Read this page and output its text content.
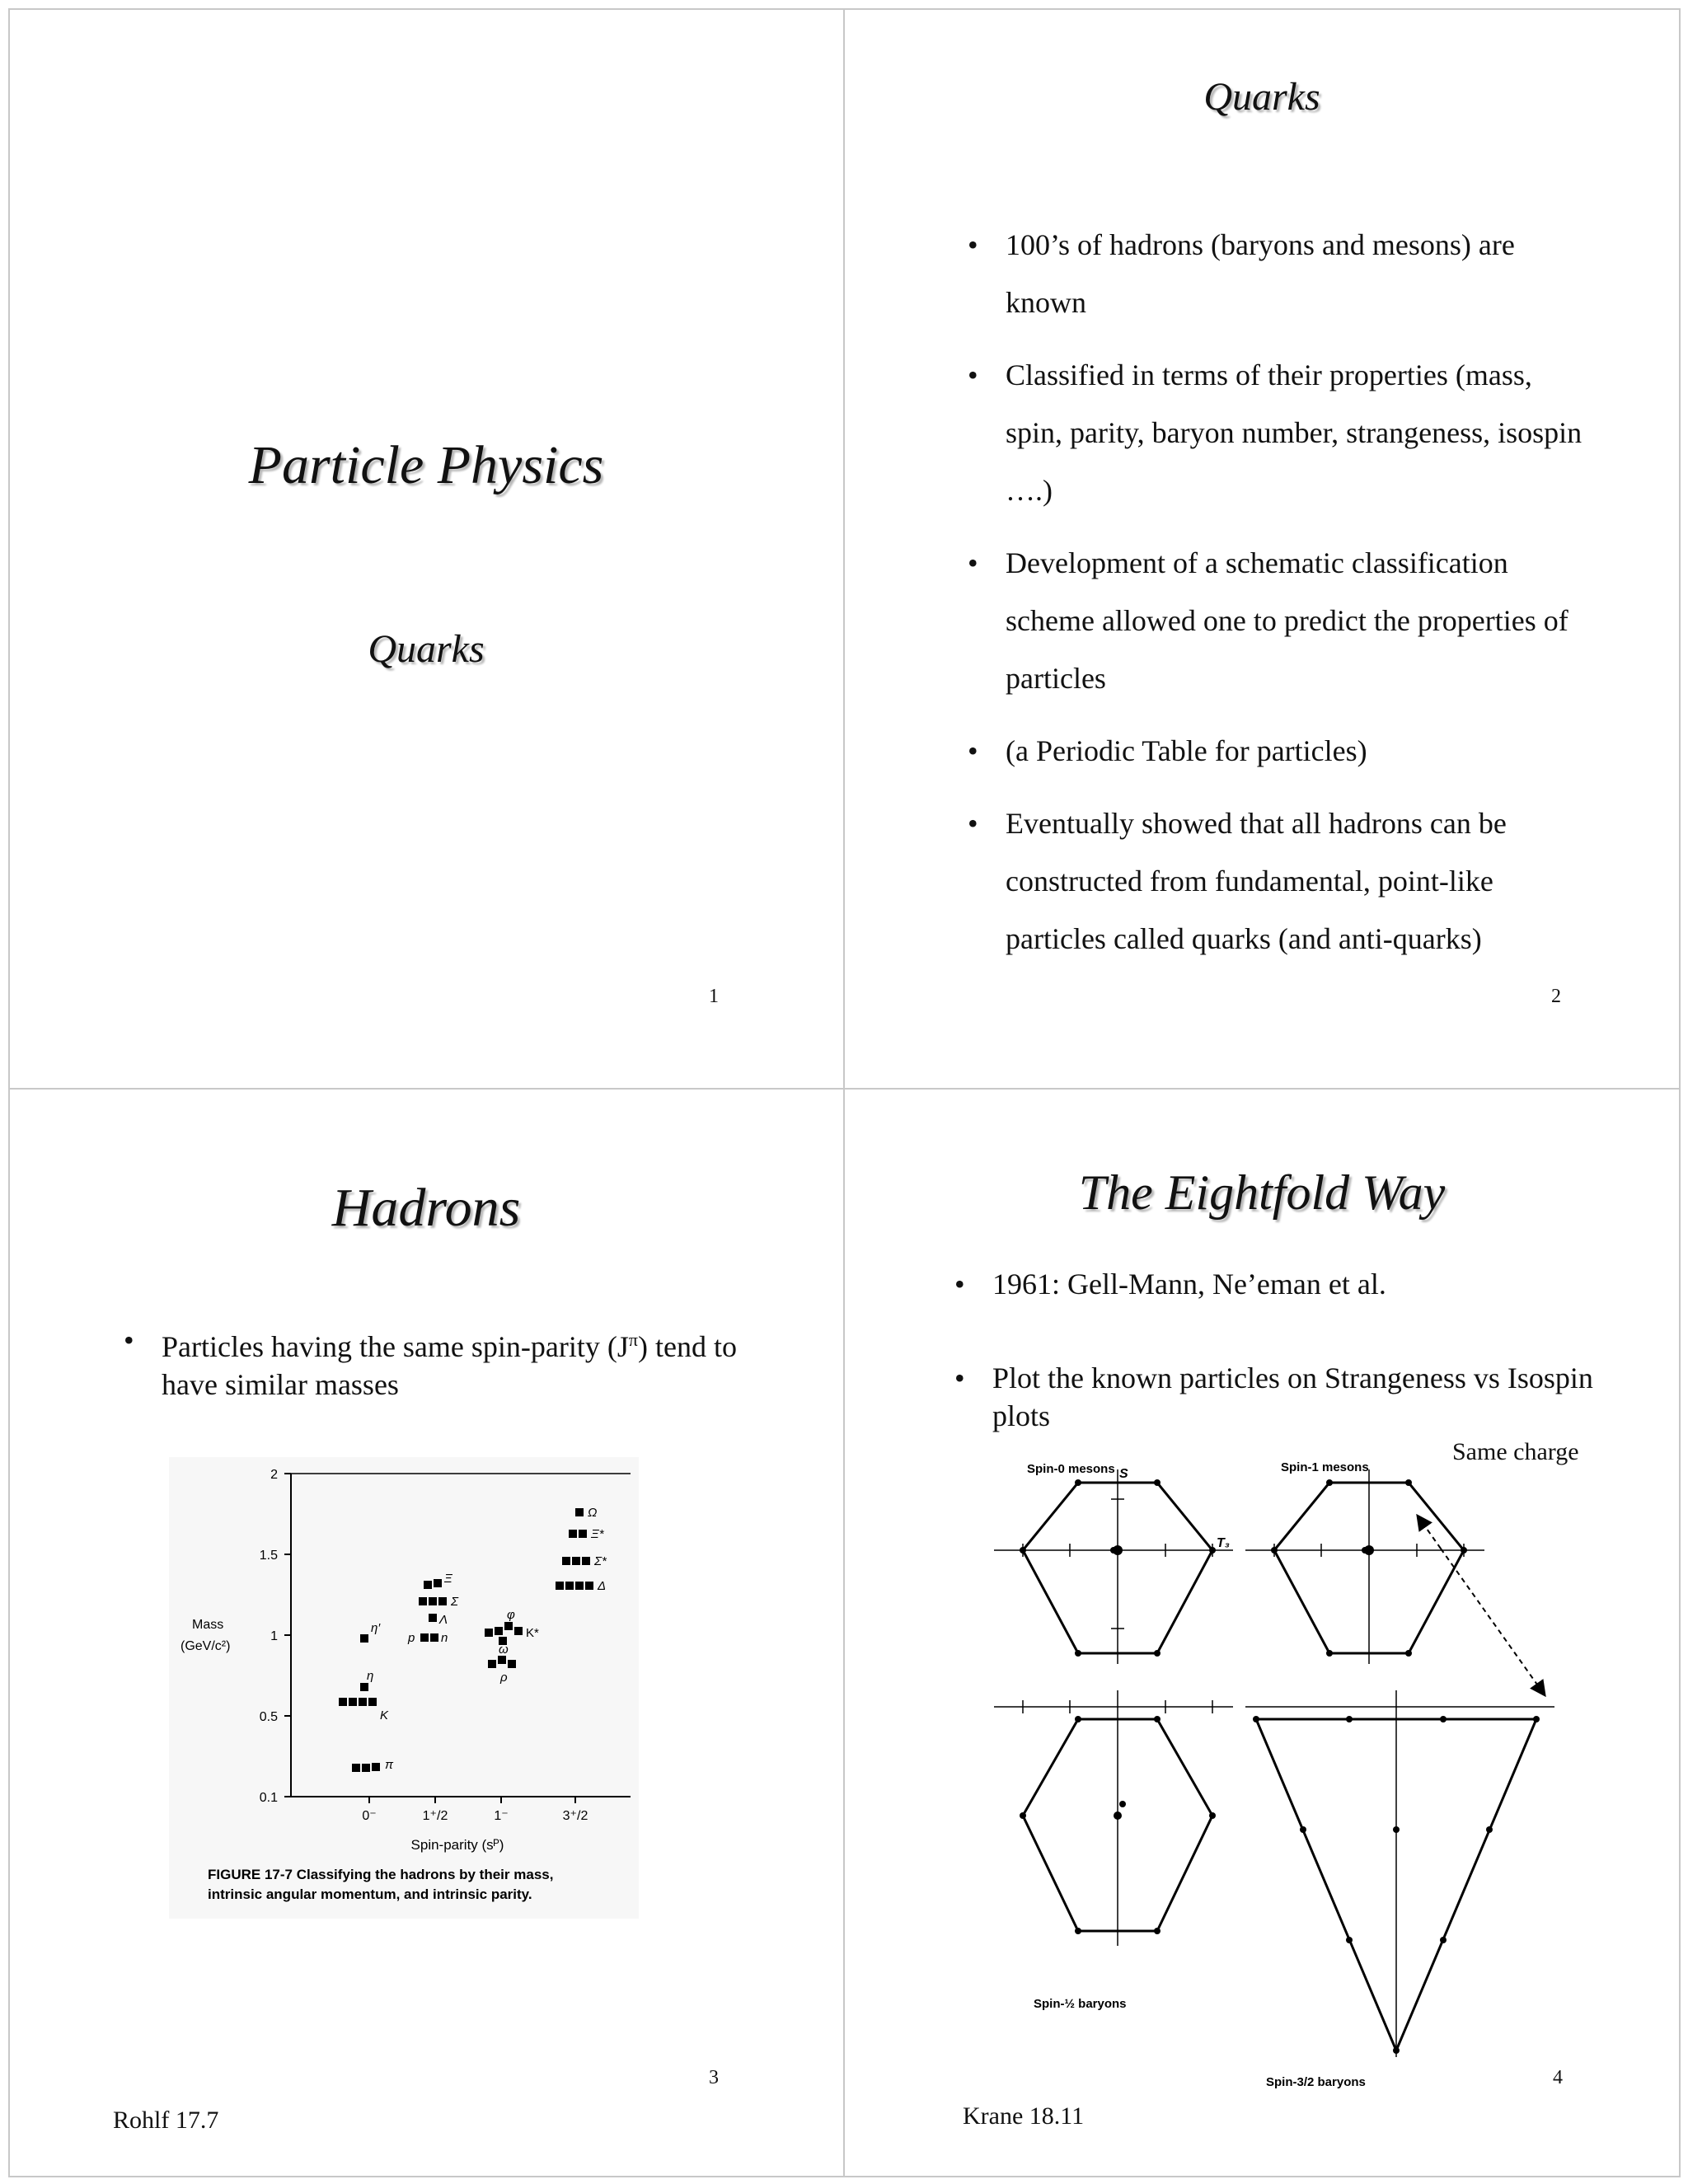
Particle Physics
Quarks
1
Quarks
• 100’s of hadrons (baryons and mesons) are known
• Classified in terms of their properties (mass, spin, parity, baryon number, strangeness, isospin ….)
• Development of a schematic classification scheme allowed one to predict the properties of particles
• (a Periodic Table for particles)
• Eventually showed that all hadrons can be constructed from fundamental, point-like particles called quarks (and anti-quarks)
2
Hadrons
• Particles having the same spin-parity $(J^\pi)$ tend to have similar masses
2
1.5
1
0.5
0.1
0⁻	1⁺/2	1⁻	3⁺/2
Mass
(GeV/c²)
Spin-parity (sᴾ)
FIGURE 17-7 Classifying the hadrons by their mass,
intrinsic angular momentum, and intrinsic parity.
η′
η
K
π
Ξ
Σ
Λ
p n
φ
K*
ω
ρ
Ω
Ξ*
Σ*
Δ
3
Rohlf 17.7
The Eightfold Way
• 1961: Gell-Mann, Ne’eman et al.
• Plot the known particles on Strangeness vs Isospin plots
Same charge
Spin-0 mesons	Spin-1 mesons
Spin-½ baryons
Spin-3/2 baryons
S
T₃
4
Krane 18.11
